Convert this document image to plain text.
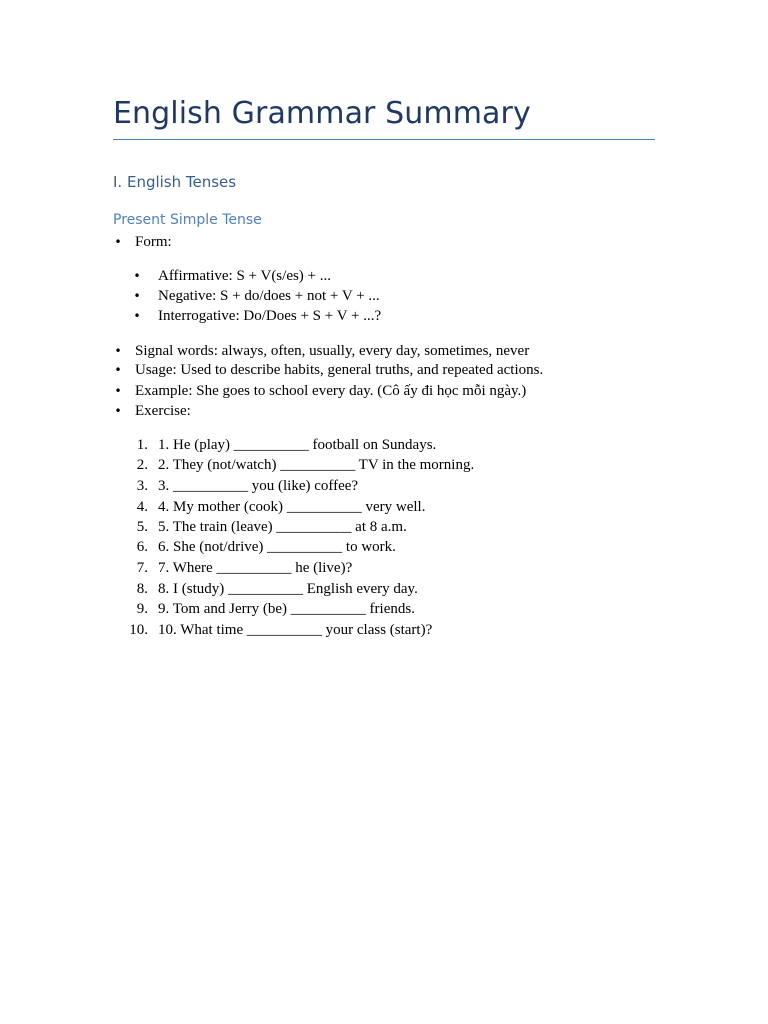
English Grammar Summary
I. English Tenses
Present Simple Tense
•
Form:
•
Affirmative: S + V(s/es) + ...
•
Negative: S + do/does + not + V + ...
•
Interrogative: Do/Does + S + V + ...?
•
Signal words: always, often, usually, every day, sometimes, never
•
Usage: Used to describe habits, general truths, and repeated actions.
•
Example: She goes to school every day. (Cô ấy đi học mỗi ngày.)
•
Exercise:
1. 1. He (play) __________ football on Sundays.
2. 2. They (not/watch) __________ TV in the morning.
3. 3. __________ you (like) coffee?
4. 4. My mother (cook) __________ very well.
5. 5. The train (leave) __________ at 8 a.m.
6. 6. She (not/drive) __________ to work.
7. 7. Where __________ he (live)?
8. 8. I (study) __________ English every day.
9. 9. Tom and Jerry (be) __________ friends.
10. 10. What time __________ your class (start)?
